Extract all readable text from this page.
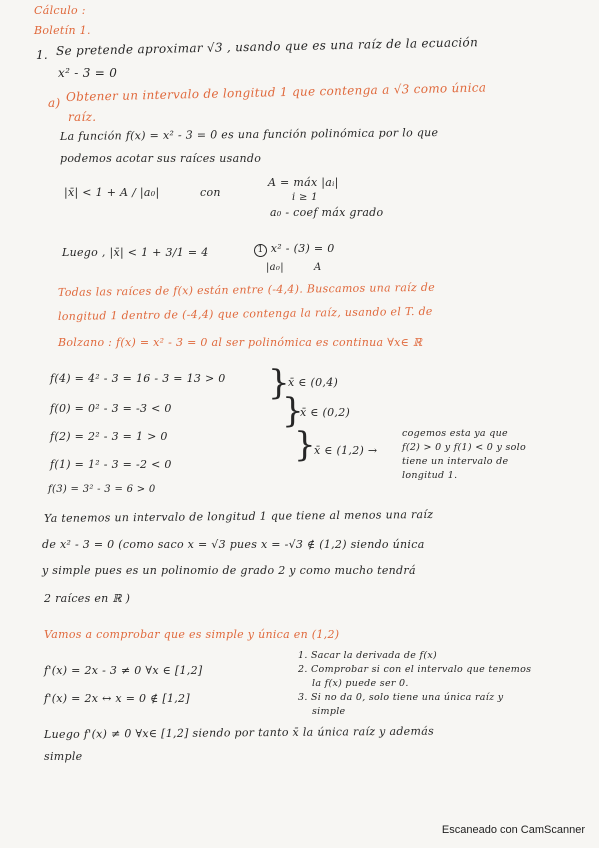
Cálculo :
Boletín 1.
1. Se pretende aproximar √3 , usando que es una raíz de la ecuación
x² - 3 = 0
a) Obtener un intervalo de longitud 1 que contenga a √3 como única
raíz.
La función f(x) = x² - 3 = 0 es una función polinómica por lo que
podemos acotar sus raíces usando
|x̄| < 1 + A / |a₀|	con
A = máx |aᵢ|
i ≥ 1
a₀ - coef máx grado
Luego , |x̄| < 1 + 3/1 = 4	1 x² - (3) = 0
|a₀|	A
Todas las raíces de f(x) están entre (-4,4). Buscamos una raíz de
longitud 1 dentro de (-4,4) que contenga la raíz, usando el T. de
Bolzano : f(x) = x² - 3 = 0 al ser polinómica es continua ∀x∈ ℝ
f(4) = 4² - 3 = 16 - 3 = 13 > 0
f(0) = 0² - 3 = -3 < 0
f(2) = 2² - 3 = 1 > 0
f(1) = 1² - 3 = -2 < 0
f(3) = 3² - 3 = 6 > 0
}
}
}
x̄ ∈ (0,4)
x̄ ∈ (0,2)
x̄ ∈ (1,2) →
cogemos esta ya que
f(2) > 0 y f(1) < 0 y solo
tiene un intervalo de
longitud 1.
Ya tenemos un intervalo de longitud 1 que tiene al menos una raíz
de x² - 3 = 0 (como saco x = √3 pues x = -√3 ∉ (1,2) siendo única
y simple pues es un polinomio de grado 2 y como mucho tendrá
2 raíces en ℝ )
Vamos a comprobar que es simple y única en (1,2)
f'(x) = 2x - 3 ≠ 0 ∀x ∈ [1,2]
f'(x) = 2x ↔ x = 0 ∉ [1,2]
1. Sacar la derivada de f(x)
2. Comprobar si con el intervalo que tenemos
la f(x) puede ser 0.
3. Si no da 0, solo tiene una única raíz y
simple
Luego f'(x) ≠ 0 ∀x∈ [1,2] siendo por tanto x̄ la única raíz y además
simple
Escaneado con CamScanner
